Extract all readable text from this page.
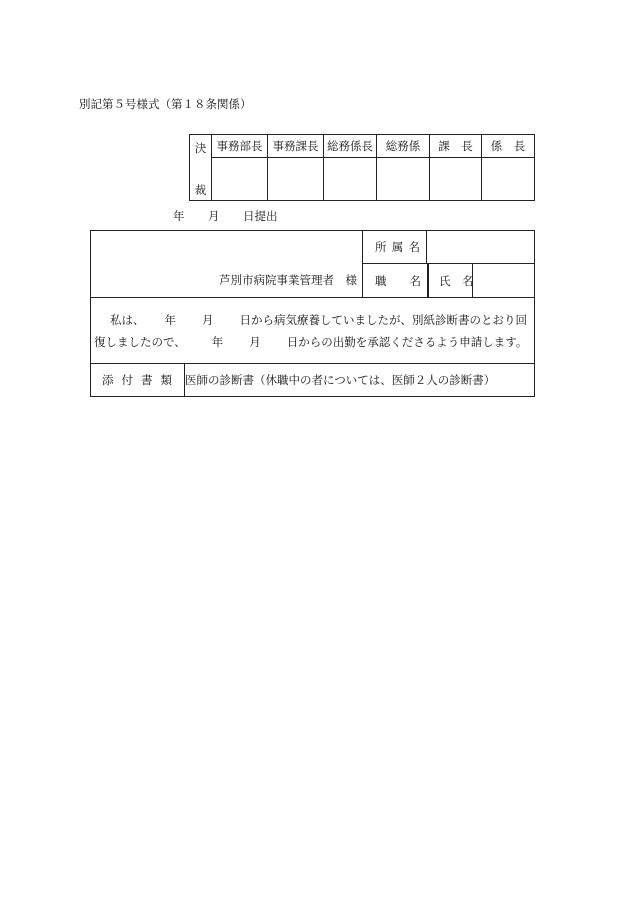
別記第５号様式（第１８条関係）
決
裁	事務部長	事務課長	総務係長	総務係	課　長	係　長

年 月 日提出
芦別市病院事業管理者　様		所 属 名		

		職　　名 氏　名		

私は、 年 月 日から病気療養していましたが、別紙診断書のとおり回
復しましたので、 年 月 日からの出勤を承認くださるよう申請します。				

添 付 書 類	医師の診断書（休職中の者については、医師２人の診断書）			
